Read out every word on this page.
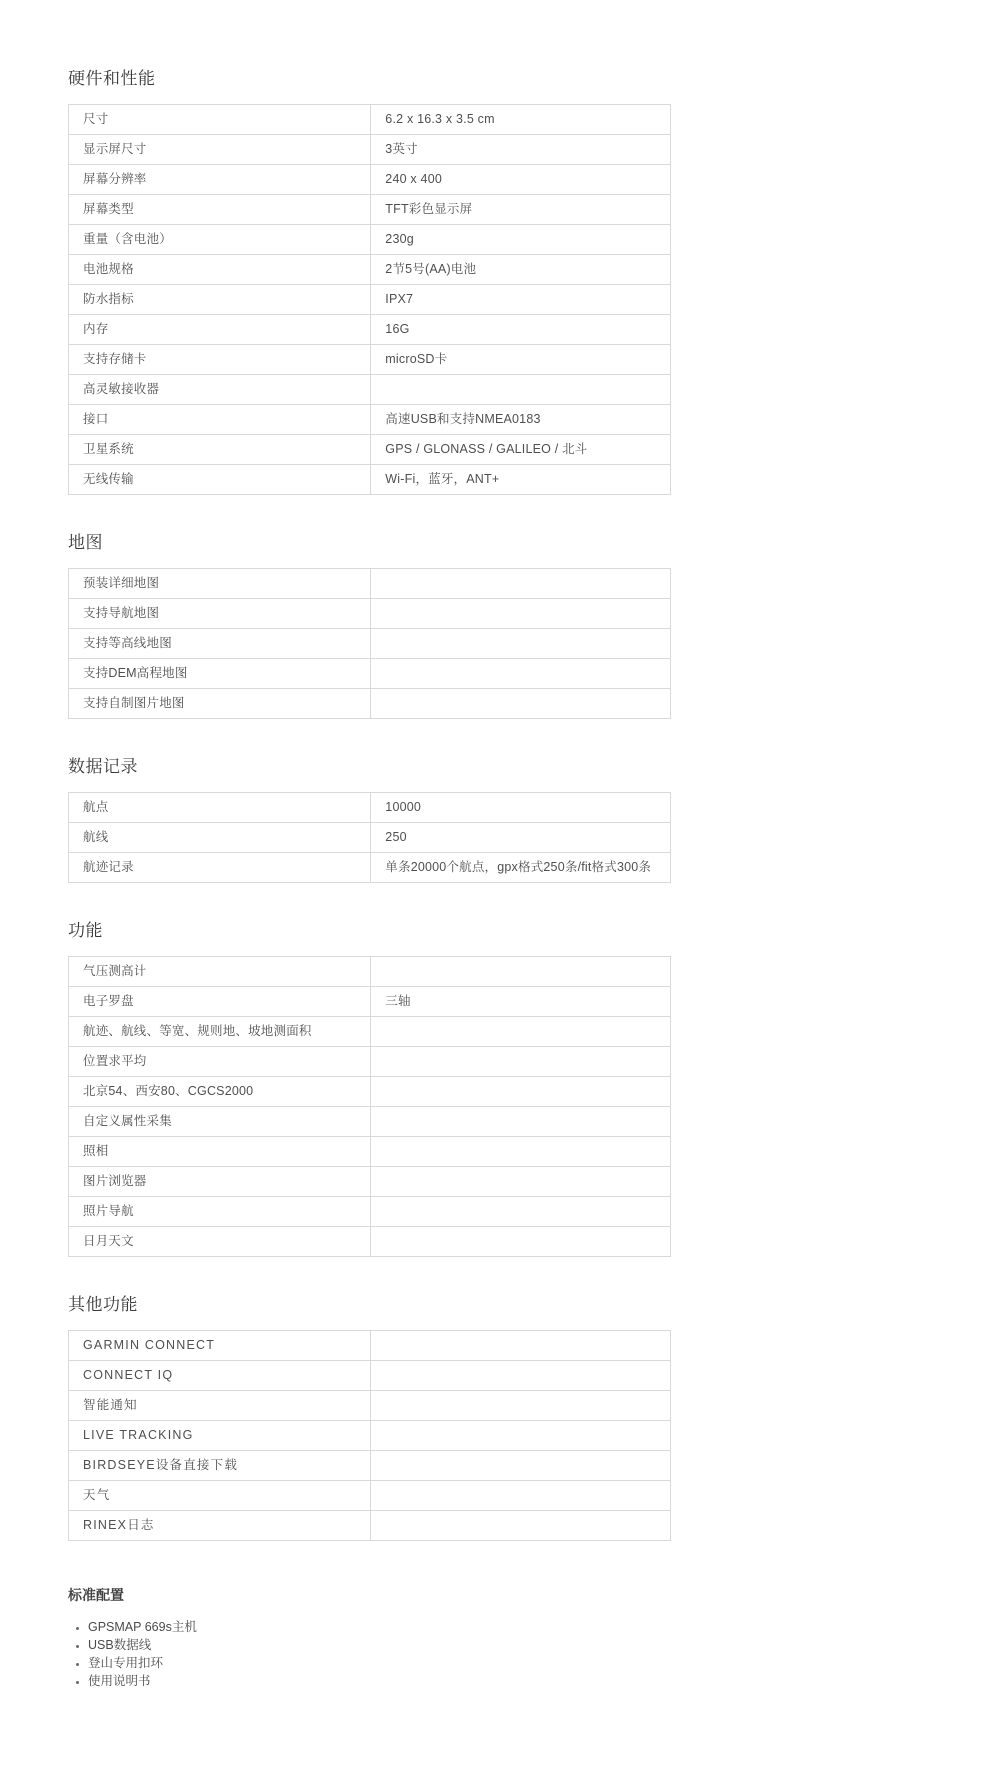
硬件和性能
尺寸	6.2 x 16.3 x 3.5 cm
显示屏尺寸	3英寸
屏幕分辨率	240 x 400
屏幕类型	TFT彩色显示屏
重量（含电池）	230g
电池规格	2节5号(AA)电池
防水指标	IPX7
内存	16G
支持存储卡	microSD卡
高灵敏接收器
接口	高速USB和支持NMEA0183
卫星系统	GPS / GLONASS / GALILEO / 北斗
无线传输	Wi-Fi，蓝牙，ANT+
地图
预装详细地图
支持导航地图
支持等高线地图
支持DEM高程地图
支持自制图片地图
数据记录
航点	10000
航线	250
航迹记录	单条20000个航点，gpx格式250条/fit格式300条
功能
气压测高计
电子罗盘	三轴
航迹、航线、等宽、规则地、坡地测面积
位置求平均
北京54、西安80、CGCS2000
自定义属性采集
照相
图片浏览器
照片导航
日月天文
其他功能
GARMIN CONNECT
CONNECT IQ
智能通知
LIVE TRACKING
BIRDSEYE设备直接下载
天气
RINEX日志
标准配置
• GPSMAP 669s主机
• USB数据线
• 登山专用扣环
• 使用说明书
